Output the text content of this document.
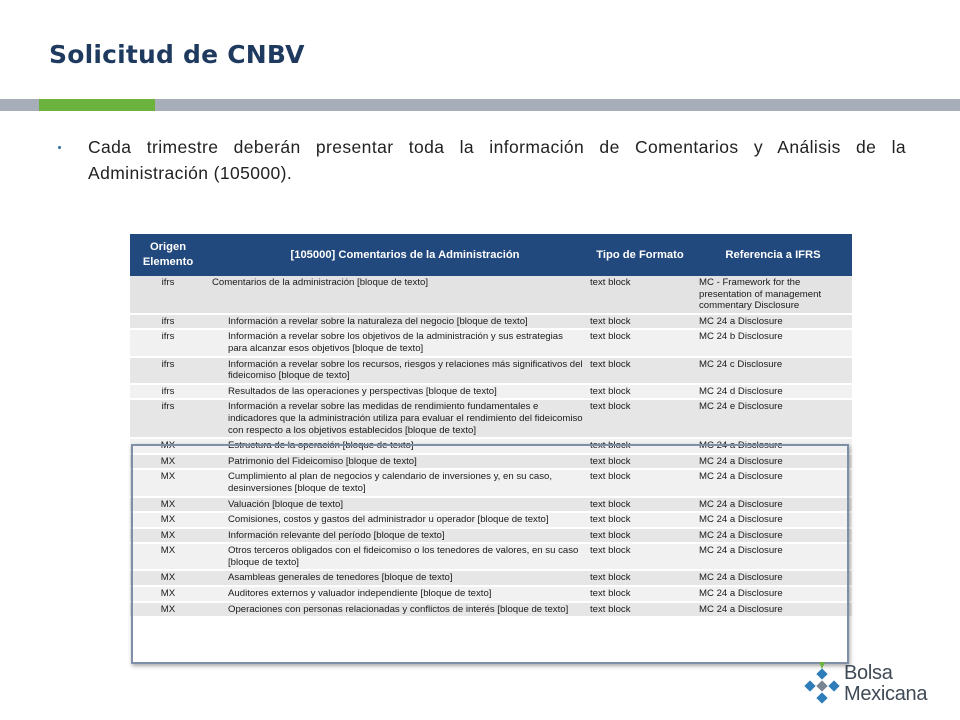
Solicitud de CNBV
Cada trimestre deberán presentar toda la información de Comentarios y Análisis de la Administración (105000).
Origen Elemento	[105000] Comentarios de la Administración	Tipo de Formato	Referencia a IFRS
ifrs	Comentarios de la administración [bloque de texto]	text block	MC - Framework for the presentation of management commentary Disclosure
ifrs	Información a revelar sobre la naturaleza del negocio [bloque de texto]	text block	MC 24 a Disclosure
ifrs	Información a revelar sobre los objetivos de la administración y sus estrategias para alcanzar esos objetivos [bloque de texto]	text block	MC 24 b Disclosure
ifrs	Información a revelar sobre los recursos, riesgos y relaciones más significativos del fideicomiso [bloque de texto]	text block	MC 24 c Disclosure
ifrs	Resultados de las operaciones y perspectivas [bloque de texto]	text block	MC 24 d Disclosure
ifrs	Información a revelar sobre las medidas de rendimiento fundamentales e indicadores que la administración utiliza para evaluar el rendimiento del fideicomiso con respecto a los objetivos establecidos [bloque de texto]	text block	MC 24 e Disclosure
MX	Estructura de la operación [bloque de texto]	text block	MC 24 a Disclosure
MX	Patrimonio del Fideicomiso [bloque de texto]	text block	MC 24 a Disclosure
MX	Cumplimiento al plan de negocios y calendario de inversiones y, en su caso, desinversiones [bloque de texto]	text block	MC 24 a Disclosure
MX	Valuación [bloque de texto]	text block	MC 24 a Disclosure
MX	Comisiones, costos y gastos del administrador u operador [bloque de texto]	text block	MC 24 a Disclosure
MX	Información relevante del período [bloque de texto]	text block	MC 24 a Disclosure
MX	Otros terceros obligados con el fideicomiso o los tenedores de valores, en su caso [bloque de texto]	text block	MC 24 a Disclosure
MX	Asambleas generales de tenedores [bloque de texto]	text block	MC 24 a Disclosure
MX	Auditores externos y valuador independiente [bloque de texto]	text block	MC 24 a Disclosure
MX	Operaciones con personas relacionadas y conflictos de interés [bloque de texto]	text block	MC 24 a Disclosure
Bolsa
Mexicana
